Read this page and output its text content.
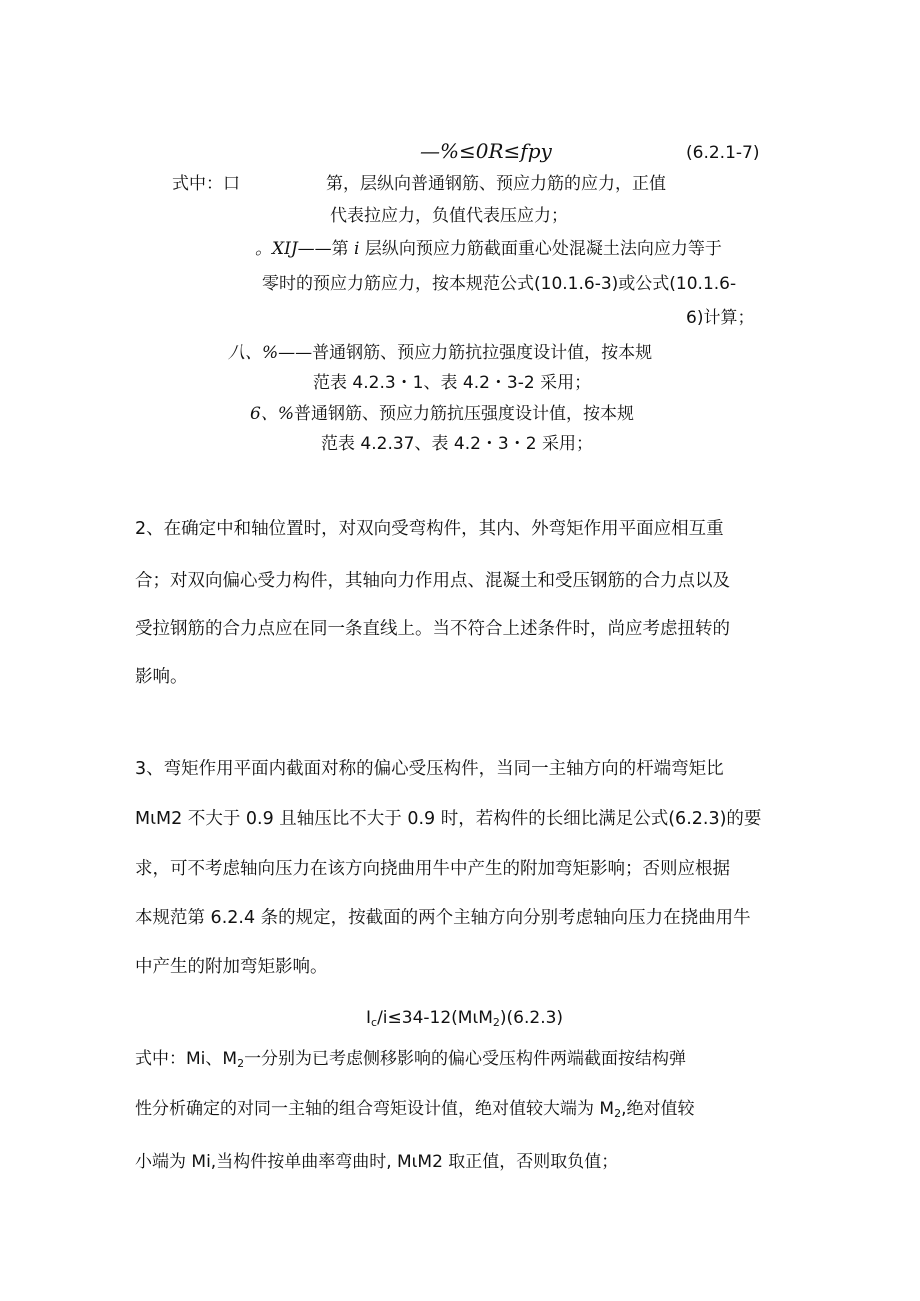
—%≤0R≤fpy	(6.2.1-7)
式中：口	第，层纵向普通钢筋、预应力筋的应力，正值
代表拉应力，负值代表压应力；
。XIJ——第 i 层纵向预应力筋截面重心处混凝土法向应力等于
零时的预应力筋应力，按本规范公式(10.1.6-3)或公式(10.1.6-
6)计算；
八、%——普通钢筋、预应力筋抗拉强度设计值，按本规
范表 4.2.3・1、表 4.2・3-2 采用；
6、%普通钢筋、预应力筋抗压强度设计值，按本规
范表 4.2.37、表 4.2・3・2 采用；
2、在确定中和轴位置时，对双向受弯构件，其内、外弯矩作用平面应相互重
合；对双向偏心受力构件，其轴向力作用点、混凝土和受压钢筋的合力点以及
受拉钢筋的合力点应在同一条直线上。当不符合上述条件时，尚应考虑扭转的
影响。
3、弯矩作用平面内截面对称的偏心受压构件，当同一主轴方向的杆端弯矩比
MιM2 不大于 0.9 且轴压比不大于 0.9 时，若构件的长细比满足公式(6.2.3)的要
求，可不考虑轴向压力在该方向挠曲用牛中产生的附加弯矩影响；否则应根据
本规范第 6.2.4 条的规定，按截面的两个主轴方向分别考虑轴向压力在挠曲用牛
中产生的附加弯矩影响。
$I_c/i\le 34-12(M\iota M_2)(6.2.3)$
式中：Mi、$M_2$一分别为已考虑侧移影响的偏心受压构件两端截面按结构弹
性分析确定的对同一主轴的组合弯矩设计值，绝对值较大端为 $M_2$,绝对值较
小端为 Mi,当构件按单曲率弯曲时, MιM2 取正值，否则取负值；
